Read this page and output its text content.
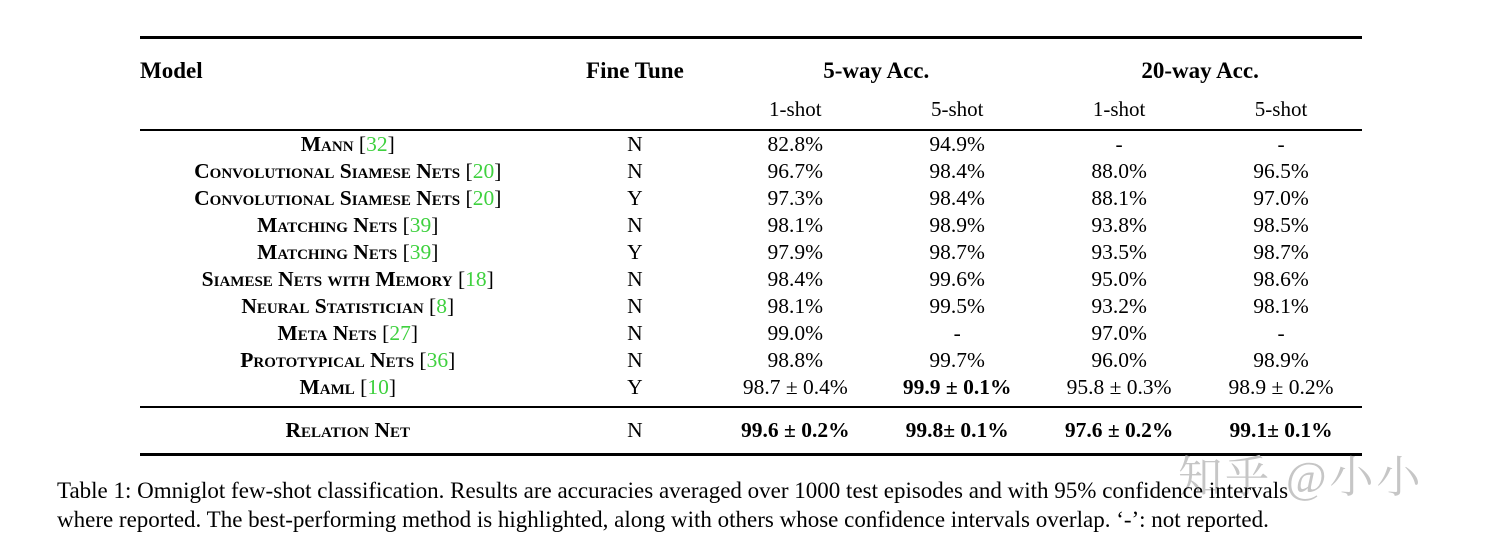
Model	Fine Tune	5-way Acc.		20-way Acc.	
		1-shot	5-shot	1-shot	5-shot
Mann [32]	N	82.8%	94.9%	-	-
Convolutional Siamese Nets [20]	N	96.7%	98.4%	88.0%	96.5%
Convolutional Siamese Nets [20]	Y	97.3%	98.4%	88.1%	97.0%
Matching Nets [39]	N	98.1%	98.9%	93.8%	98.5%
Matching Nets [39]	Y	97.9%	98.7%	93.5%	98.7%
Siamese Nets with Memory [18]	N	98.4%	99.6%	95.0%	98.6%
Neural Statistician [8]	N	98.1%	99.5%	93.2%	98.1%
Meta Nets [27]	N	99.0%	-	97.0%	-
Prototypical Nets [36]	N	98.8%	99.7%	96.0%	98.9%
Maml [10]	Y	98.7 ± 0.4%	99.9 ± 0.1%	95.8 ± 0.3%	98.9 ± 0.2%
Relation Net	N	99.6 ± 0.2%	99.8± 0.1%	97.6 ± 0.2%	99.1± 0.1%
知乎 @小小
Table 1: Omniglot few-shot classification. Results are accuracies averaged over 1000 test episodes and with 95% confidence intervals
where reported. The best-performing method is highlighted, along with others whose confidence intervals overlap. ‘-’: not reported.
